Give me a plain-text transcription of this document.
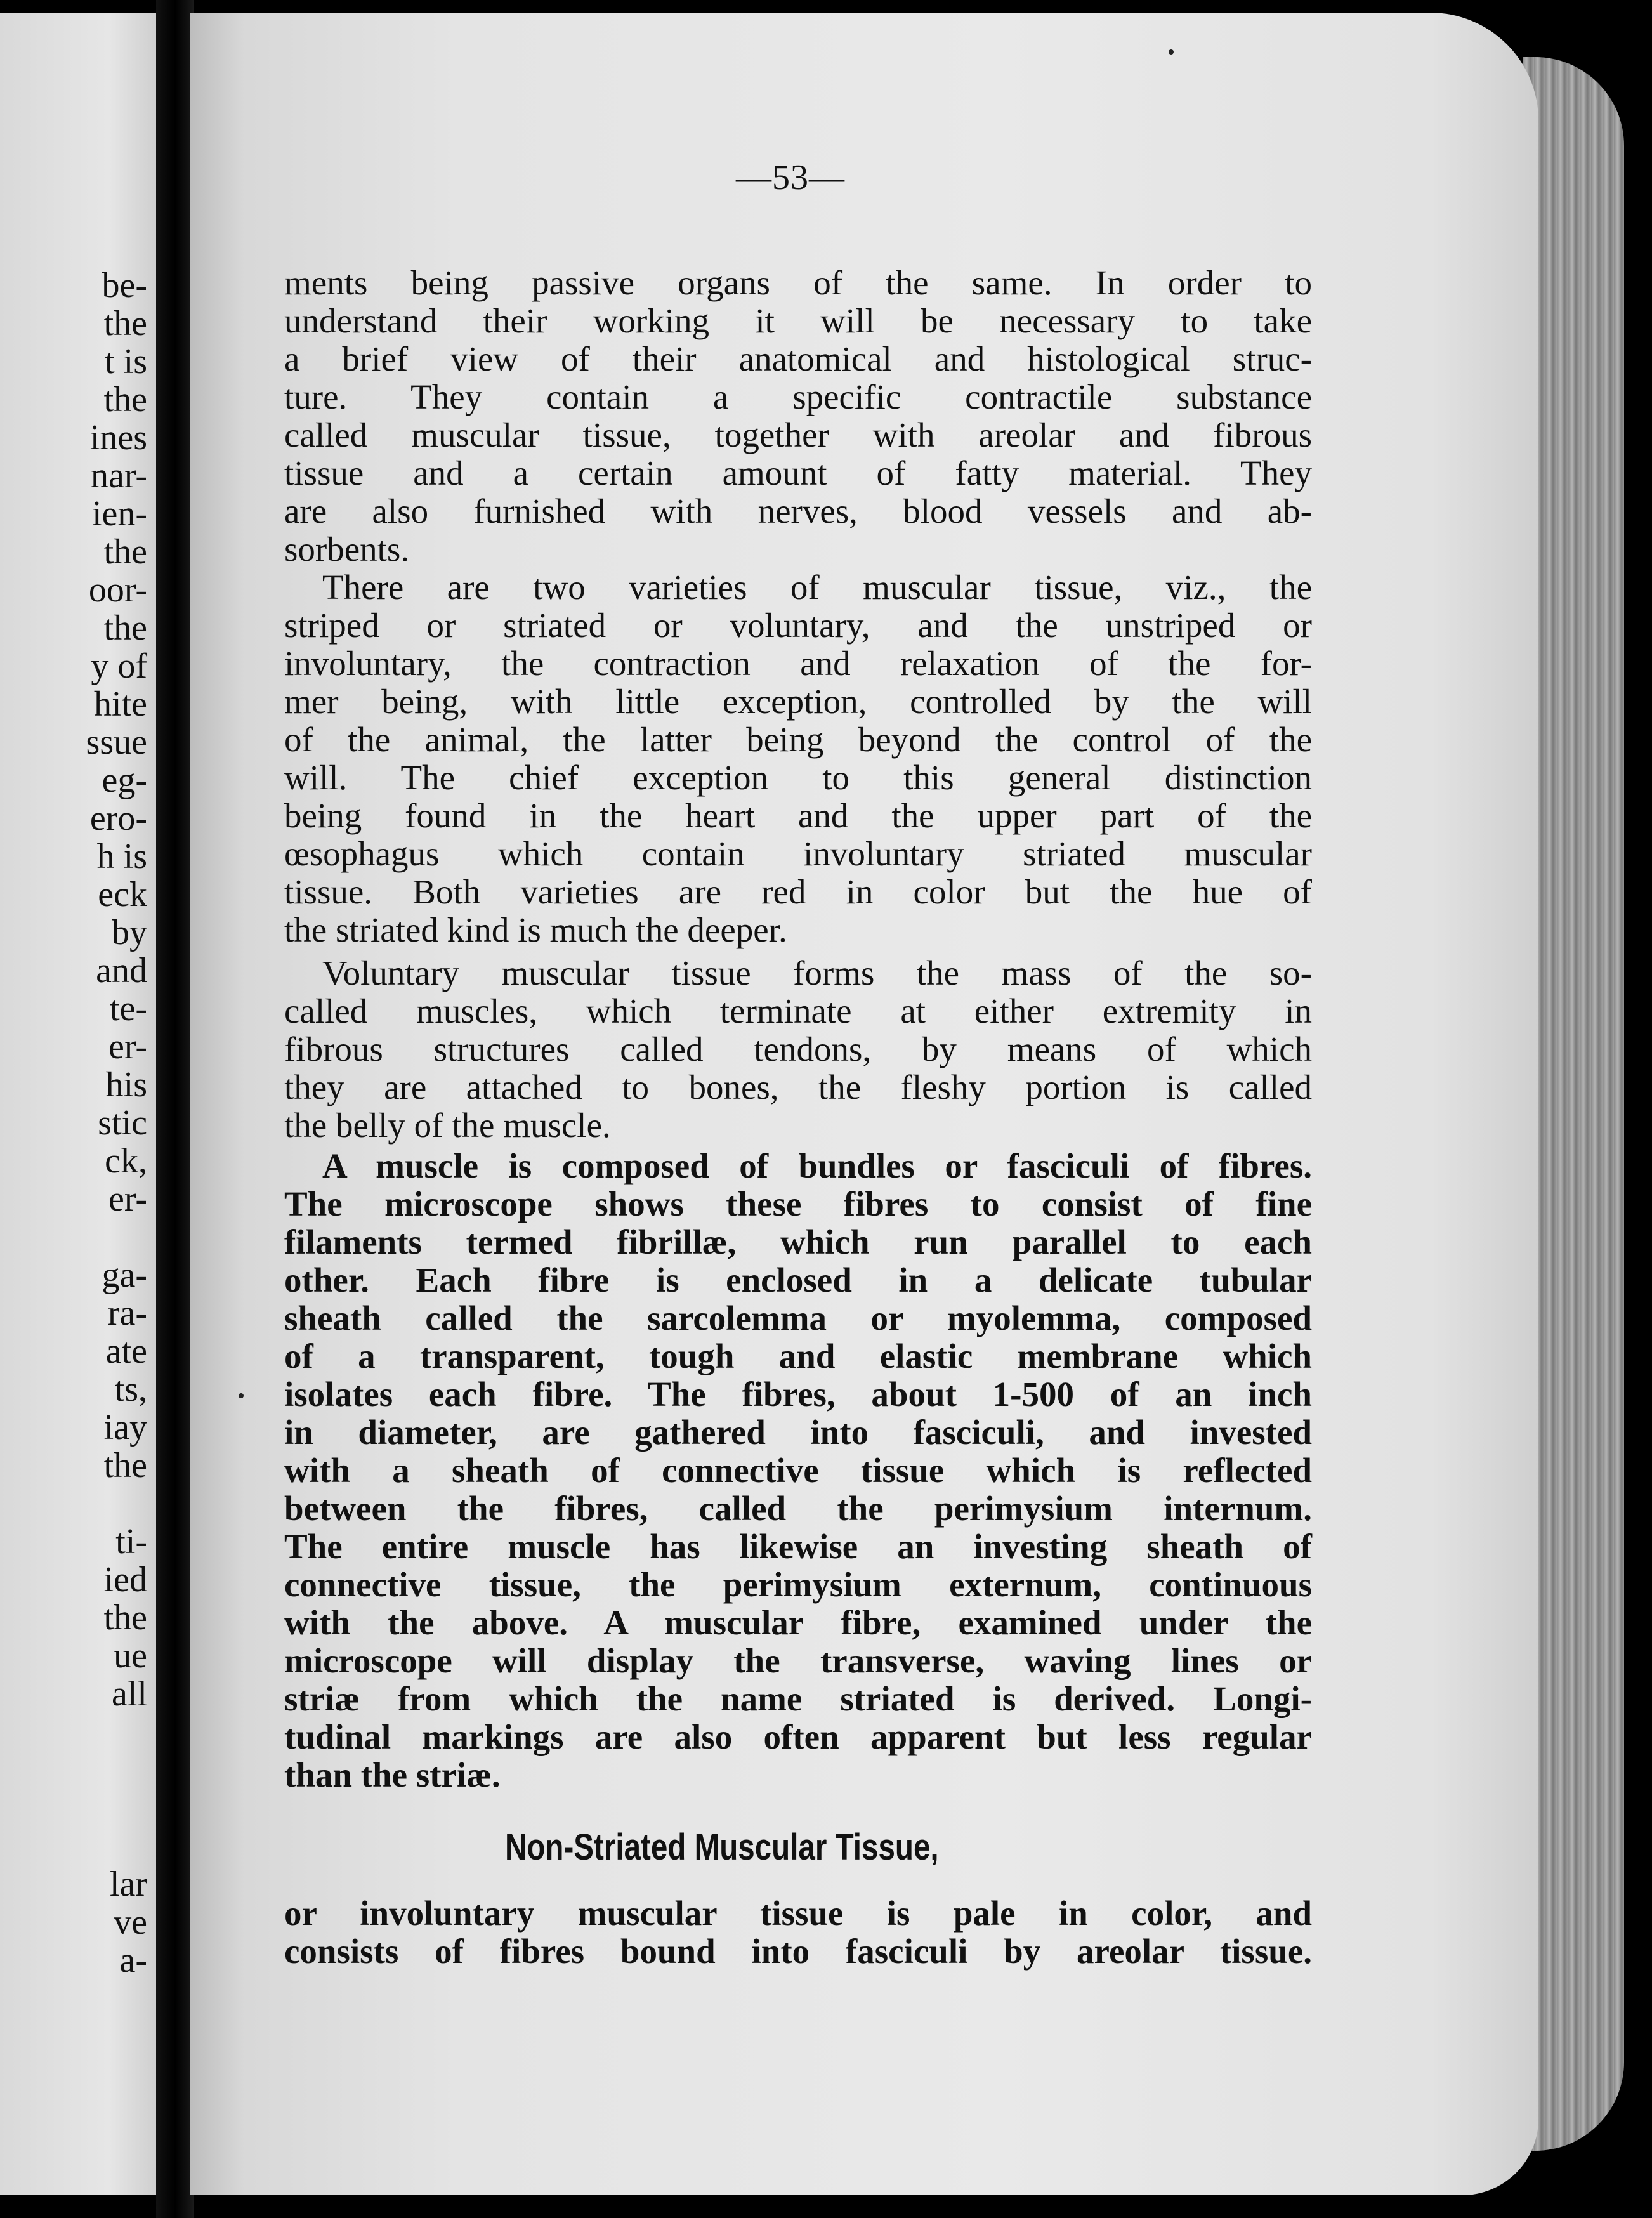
be-
the
t is
the
ines
nar-
ien-
the
oor-
the
y of
hite
ssue
eg-
ero-
h is
eck
by
and
te-
er-
his
stic
ck,
er-
ga-
ra-
ate
ts,
iay
the
ti-
ied
the
ue
all
lar
ve
a-
—53—
ments being passive organs of the same. In order to
understand their working it will be necessary to take
a brief view of their anatomical and histological struc-
ture. They contain a specific contractile substance
called muscular tissue, together with areolar and fibrous
tissue and a certain amount of fatty material. They
are also furnished with nerves, blood vessels and ab-
sorbents.
There are two varieties of muscular tissue, viz., the
striped or striated or voluntary, and the unstriped or
involuntary, the contraction and relaxation of the for-
mer being, with little exception, controlled by the will
of the animal, the latter being beyond the control of the
will. The chief exception to this general distinction
being found in the heart and the upper part of the
œsophagus which contain involuntary striated muscular
tissue. Both varieties are red in color but the hue of
the striated kind is much the deeper.
Voluntary muscular tissue forms the mass of the so-
called muscles, which terminate at either extremity in
fibrous structures called tendons, by means of which
they are attached to bones, the fleshy portion is called
the belly of the muscle.
A muscle is composed of bundles or fasciculi of fibres.
The microscope shows these fibres to consist of fine
filaments termed fibrillæ, which run parallel to each
other. Each fibre is enclosed in a delicate tubular
sheath called the sarcolemma or myolemma, composed
of a transparent, tough and elastic membrane which
isolates each fibre. The fibres, about 1-500 of an inch
in diameter, are gathered into fasciculi, and invested
with a sheath of connective tissue which is reflected
between the fibres, called the perimysium internum.
The entire muscle has likewise an investing sheath of
connective tissue, the perimysium externum, continuous
with the above. A muscular fibre, examined under the
microscope will display the transverse, waving lines or
striæ from which the name striated is derived. Longi-
tudinal markings are also often apparent but less regular
than the striæ.
Non-Striated Muscular Tissue,
or involuntary muscular tissue is pale in color, and
consists of fibres bound into fasciculi by areolar tissue.
